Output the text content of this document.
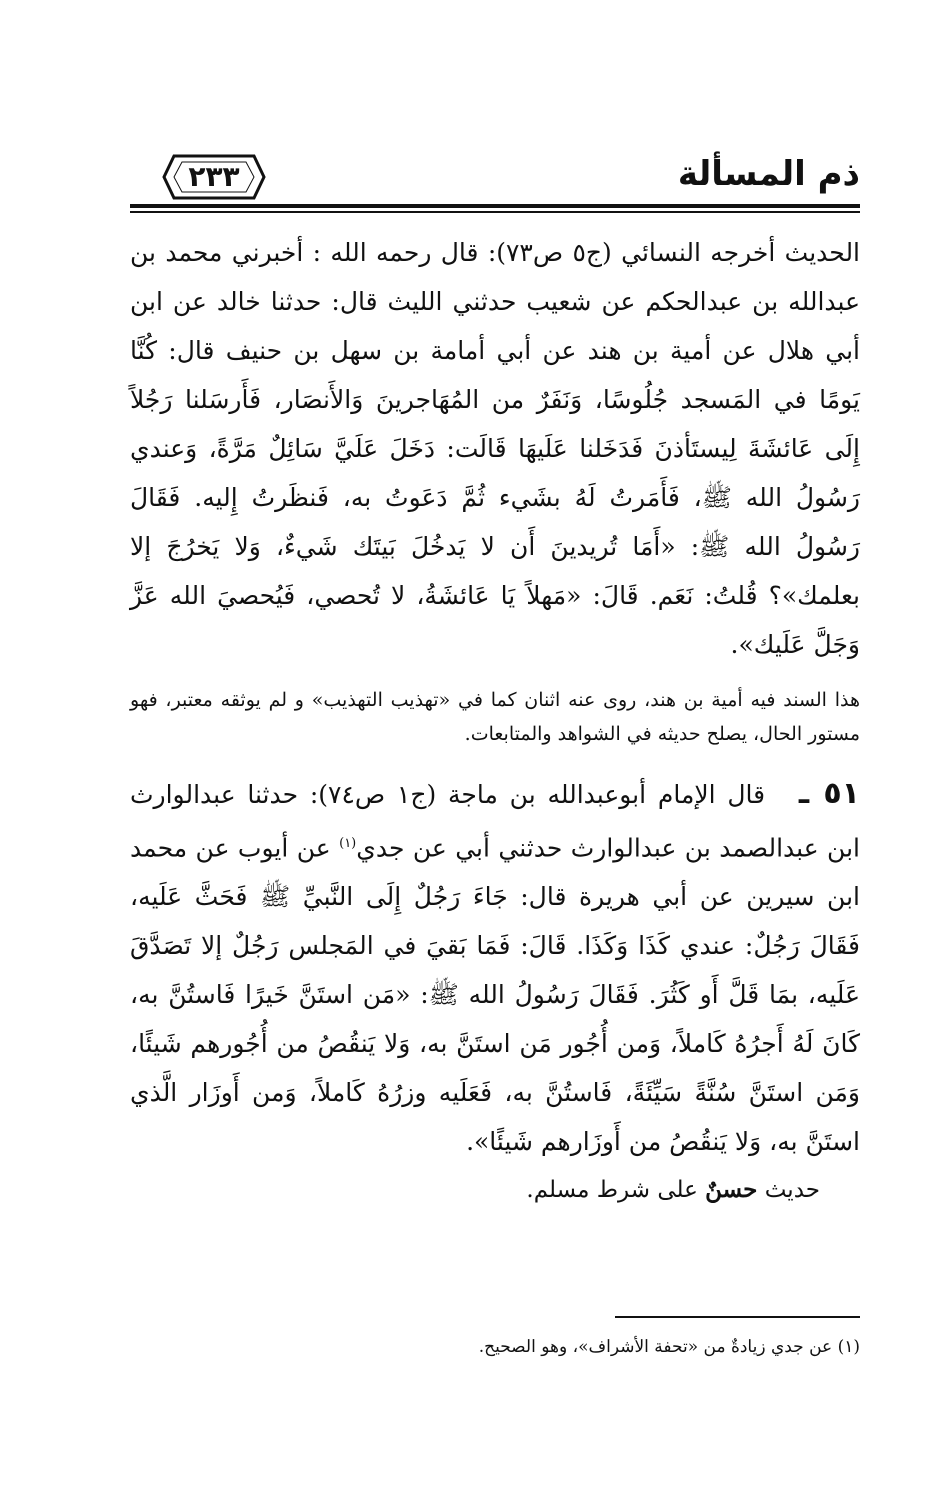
ذم المسألة
٢٣٣

الحديث أخرجه النسائي (ج٥ ص٧٣): قال رحمه الله : أخبرني محمد بن عبدالله بن عبدالحكم عن شعيب حدثني الليث قال: حدثنا خالد عن ابن أبي هلال عن أمية بن هند عن أبي أمامة بن سهل بن حنيف قال: كُنَّا يَومًا في المَسجد جُلُوسًا، وَنَفَرٌ من المُهَاجرينَ وَالأَنصَار، فَأَرسَلنا رَجُلاً إِلَى عَائشَةَ لِيستَأذنَ فَدَخَلنا عَلَيهَا قَالَت: دَخَلَ عَلَيَّ سَائِلٌ مَرَّةً، وَعندي رَسُولُ الله ﷺ، فَأَمَرتُ لَهُ بشَيء ثُمَّ دَعَوتُ به، فَنظَرتُ إِليه. فَقَالَ رَسُولُ الله ﷺ: «أَمَا تُريدينَ أَن لا يَدخُلَ بَيتَك شَيءٌ، وَلا يَخرُجَ إلا بعلمك»؟ قُلتُ: نَعَم. قَالَ: «مَهلاً يَا عَائشَةُ، لا تُحصي، فَيُحصيَ الله عَزَّ وَجَلَّ عَلَيك».

هذا السند فيه أمية بن هند، روى عنه اثنان كما في «تهذيب التهذيب» و لم يوثقه معتبر، فهو مستور الحال، يصلح حديثه في الشواهد والمتابعات.

٥١ ـ قال الإمام أبوعبدالله بن ماجة (ج١ ص٧٤): حدثنا عبدالوارث ابن عبدالصمد بن عبدالوارث حدثني أبي عن جدي$^{(١)}$ عن أيوب عن محمد ابن سيرين عن أبي هريرة قال: جَاءَ رَجُلٌ إِلَى النَّبيِّ ﷺ فَحَثَّ عَلَيه، فَقَالَ رَجُلٌ: عندي كَذَا وَكَذَا. قَالَ: فَمَا بَقيَ في المَجلس رَجُلٌ إلا تَصَدَّقَ عَلَيه، بمَا قَلَّ أَو كَثُرَ. فَقَالَ رَسُولُ الله ﷺ: «مَن استَنَّ خَيرًا فَاستُنَّ به، كَانَ لَهُ أَجرُهُ كَاملاً، وَمن أُجُور مَن استَنَّ به، وَلا يَنقُصُ من أُجُورهم شَيئًا، وَمَن استَنَّ سُنَّةً سَيِّئَةً، فَاستُنَّ به، فَعَلَيه وزرُهُ كَاملاً، وَمن أَوزَار الَّذي استَنَّ به، وَلا يَنقُصُ من أَوزَارهم شَيئًا».

حديث حسنٌ على شرط مسلم.

(١) عن جدي زيادةٌ من «تحفة الأشراف»، وهو الصحيح.
